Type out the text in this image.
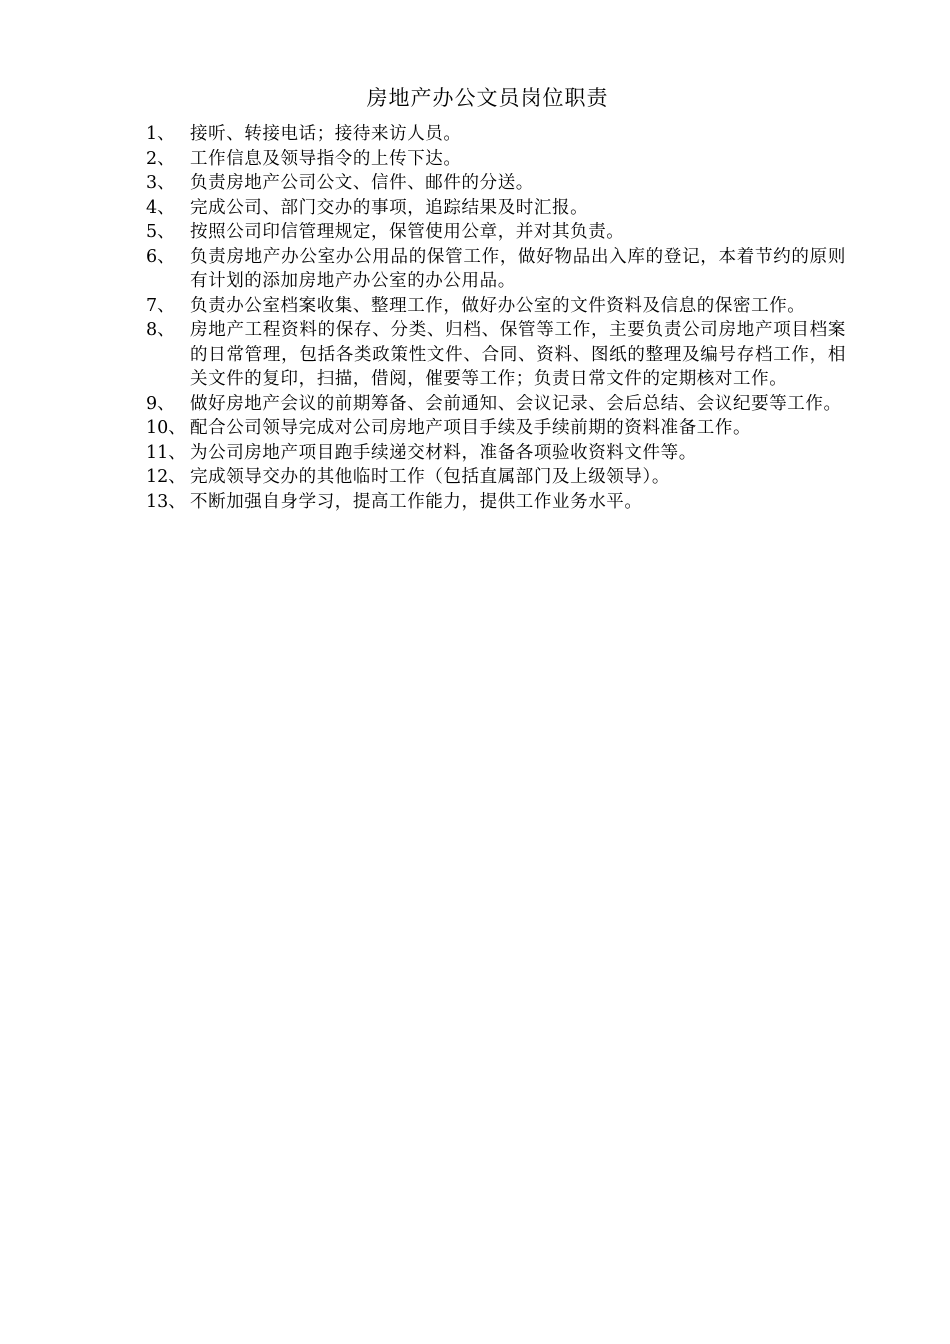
房地产办公文员岗位职责
1、 接听、转接电话；接待来访人员。
2、 工作信息及领导指令的上传下达。
3、 负责房地产公司公文、信件、邮件的分送。
4、 完成公司、部门交办的事项，追踪结果及时汇报。
5、 按照公司印信管理规定，保管使用公章，并对其负责。
6、 负责房地产办公室办公用品的保管工作，做好物品出入库的登记，本着节约的原则有计划的添加房地产办公室的办公用品。
7、 负责办公室档案收集、整理工作，做好办公室的文件资料及信息的保密工作。
8、 房地产工程资料的保存、分类、归档、保管等工作，主要负责公司房地产项目档案的日常管理，包括各类政策性文件、合同、资料、图纸的整理及编号存档工作，相关文件的复印，扫描，借阅，催要等工作；负责日常文件的定期核对工作。
9、 做好房地产会议的前期筹备、会前通知、会议记录、会后总结、会议纪要等工作。
10、 配合公司领导完成对公司房地产项目手续及手续前期的资料准备工作。
11、 为公司房地产项目跑手续递交材料，准备各项验收资料文件等。
12、 完成领导交办的其他临时工作（包括直属部门及上级领导）。
13、 不断加强自身学习，提高工作能力，提供工作业务水平。
